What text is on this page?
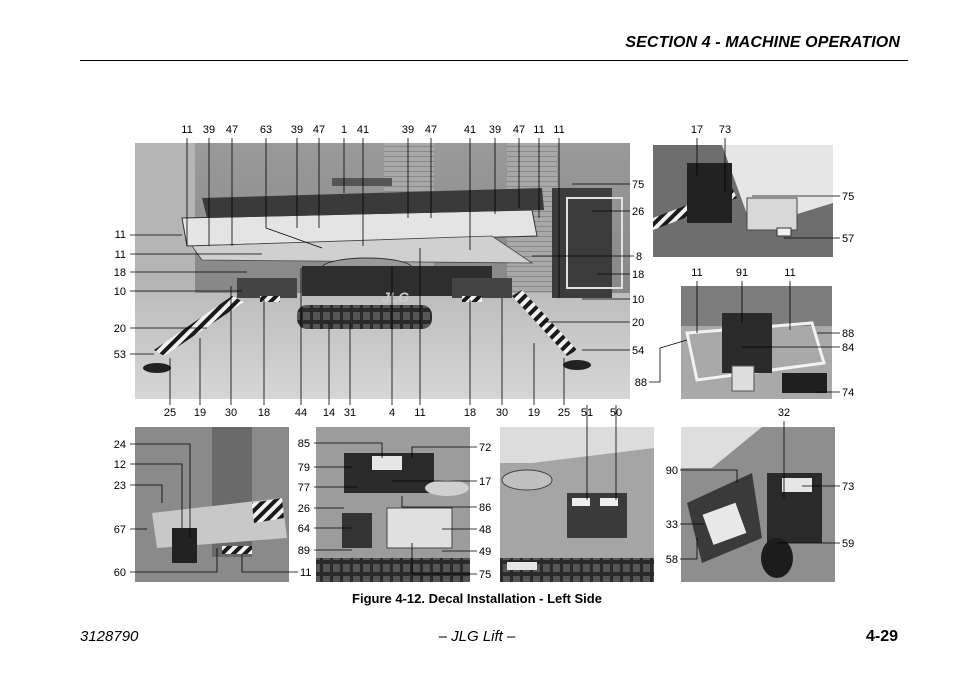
SECTION 4 - MACHINE OPERATION
JLG
11 39 47 63 39 47 1 41	39 47 41 39 47 11 11
11
11
18
10
20
53
75
26
8
18
10
20
54
25 19 30 18 44 14 31	4 11	18 30 19 25 51 50
17 73
75
57
11	91	11
88
84
74
88
24
12
23
67
60	11
85
79
77
26
64
89
72
17
86
48
49
75
32
90
33
58
73
59
Figure 4-12. Decal Installation - Left Side
3128790	– JLG Lift –	4-29
